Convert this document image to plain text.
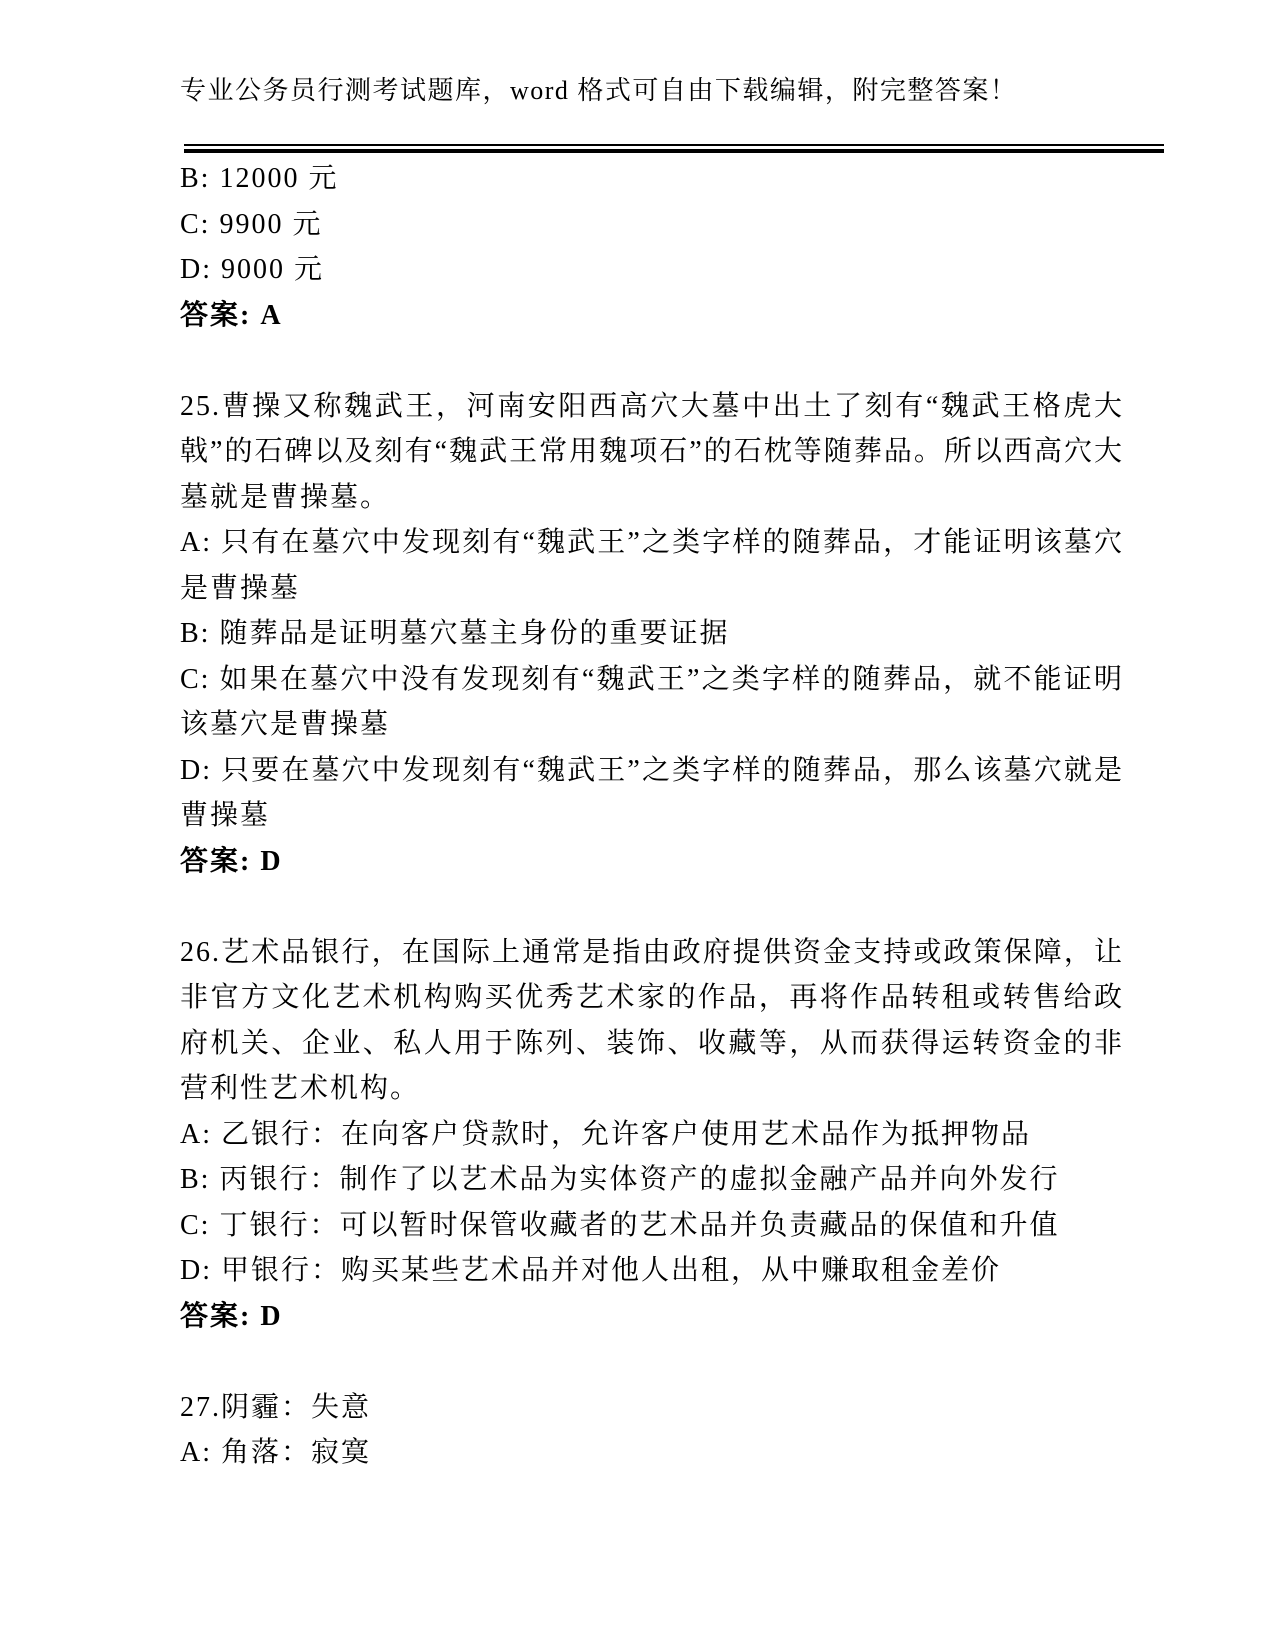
专业公务员行测考试题库，word 格式可自由下载编辑，附完整答案！

B: 12000 元

C: 9900 元

D: 9000 元

答案: A

25.曹操又称魏武王，河南安阳西高穴大墓中出土了刻有“魏武王格虎大戟”的石碑以及刻有“魏武王常用魏项石”的石枕等随葬品。所以西高穴大墓就是曹操墓。

A: 只有在墓穴中发现刻有“魏武王”之类字样的随葬品，才能证明该墓穴是曹操墓

B: 随葬品是证明墓穴墓主身份的重要证据

C: 如果在墓穴中没有发现刻有“魏武王”之类字样的随葬品，就不能证明该墓穴是曹操墓

D: 只要在墓穴中发现刻有“魏武王”之类字样的随葬品，那么该墓穴就是曹操墓

答案: D

26.艺术品银行，在国际上通常是指由政府提供资金支持或政策保障，让非官方文化艺术机构购买优秀艺术家的作品，再将作品转租或转售给政府机关、企业、私人用于陈列、装饰、收藏等，从而获得运转资金的非营利性艺术机构。

A: 乙银行：在向客户贷款时，允许客户使用艺术品作为抵押物品

B: 丙银行：制作了以艺术品为实体资产的虚拟金融产品并向外发行

C: 丁银行：可以暂时保管收藏者的艺术品并负责藏品的保值和升值

D: 甲银行：购买某些艺术品并对他人出租，从中赚取租金差价

答案: D

27.阴霾：失意

A: 角落：寂寞
